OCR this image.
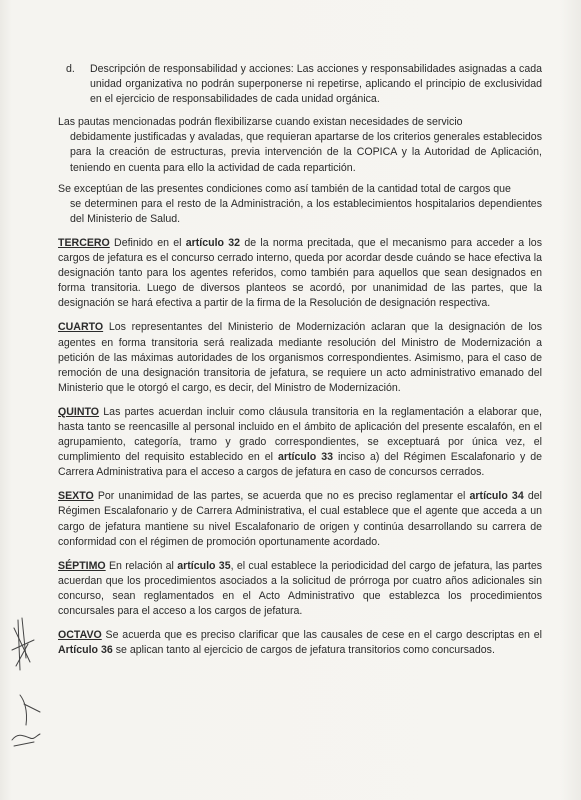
d.	Descripción de responsabilidad y acciones: Las acciones y responsabilidades asignadas a cada unidad organizativa no podrán superponerse ni repetirse, aplicando el principio de exclusividad en el ejercicio de responsabilidades de cada unidad orgánica.

Las pautas mencionadas podrán flexibilizarse cuando existan necesidades de servicio
debidamente justificadas y avaladas, que requieran apartarse de los criterios generales establecidos para la creación de estructuras, previa intervención de la COPICA y la Autoridad de Aplicación, teniendo en cuenta para ello la actividad de cada repartición.

Se exceptúan de las presentes condiciones como así también de la cantidad total de cargos que
se determinen para el resto de la Administración, a los establecimientos hospitalarios dependientes del Ministerio de Salud.

TERCERO Definido en el artículo 32 de la norma precitada, que el mecanismo para acceder a los cargos de jefatura es el concurso cerrado interno, queda por acordar desde cuándo se hace efectiva la designación tanto para los agentes referidos, como también para aquellos que sean designados en forma transitoria. Luego de diversos planteos se acordó, por unanimidad de las partes, que la designación se hará efectiva a partir de la firma de la Resolución de designación respectiva.

CUARTO Los representantes del Ministerio de Modernización aclaran que la designación de los agentes en forma transitoria será realizada mediante resolución del Ministro de Modernización a petición de las máximas autoridades de los organismos correspondientes. Asimismo, para el caso de remoción de una designación transitoria de jefatura, se requiere un acto administrativo emanado del Ministerio que le otorgó el cargo, es decir, del Ministro de Modernización.

QUINTO Las partes acuerdan incluir como cláusula transitoria en la reglamentación a elaborar que, hasta tanto se reencasille al personal incluido en el ámbito de aplicación del presente escalafón, en el agrupamiento, categoría, tramo y grado correspondientes, se exceptuará por única vez, el cumplimiento del requisito establecido en el artículo 33 inciso a) del Régimen Escalafonario y de Carrera Administrativa para el acceso a cargos de jefatura en caso de concursos cerrados.

SEXTO Por unanimidad de las partes, se acuerda que no es preciso reglamentar el artículo 34 del Régimen Escalafonario y de Carrera Administrativa, el cual establece que el agente que acceda a un cargo de jefatura mantiene su nivel Escalafonario de origen y continúa desarrollando su carrera de conformidad con el régimen de promoción oportunamente acordado.

SÉPTIMO En relación al artículo 35, el cual establece la periodicidad del cargo de jefatura, las partes acuerdan que los procedimientos asociados a la solicitud de prórroga por cuatro años adicionales sin concurso, sean reglamentados en el Acto Administrativo que establezca los procedimientos concursales para el acceso a los cargos de jefatura.

OCTAVO Se acuerda que es preciso clarificar que las causales de cese en el cargo descriptas en el Artículo 36 se aplican tanto al ejercicio de cargos de jefatura transitorios como concursados.
